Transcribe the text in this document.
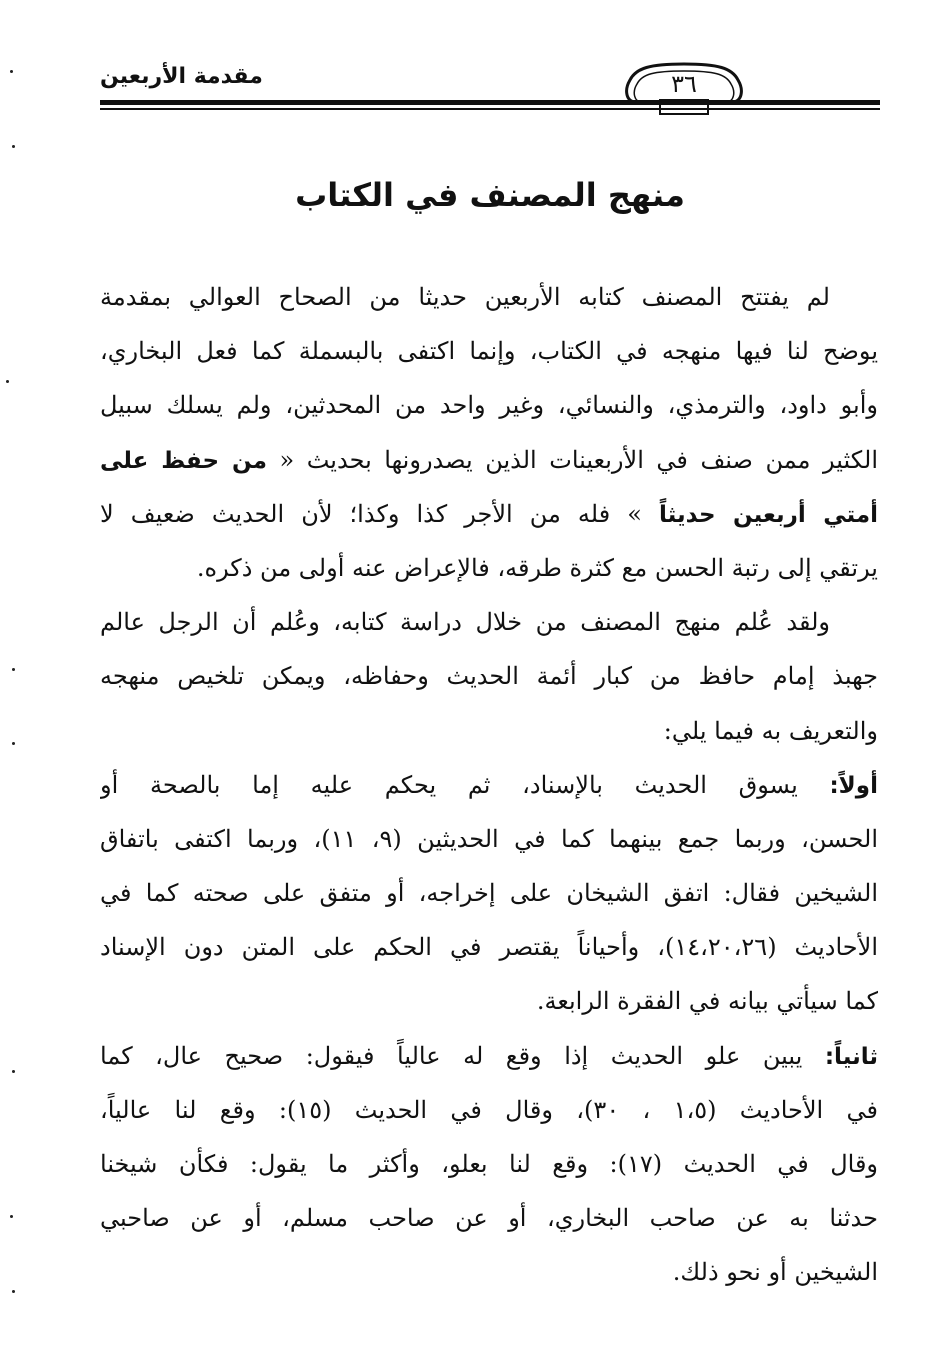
مقدمة الأربعين	٣٦
منهج المصنف في الكتاب
لم يفتتح المصنف كتابه الأربعين حديثا من الصحاح العوالي بمقدمة
يوضح لنا فيها منهجه في الكتاب، وإنما اكتفى بالبسملة كما فعل البخاري،
وأبو داود، والترمذي، والنسائي، وغير واحد من المحدثين، ولم يسلك سبيل
الكثير ممن صنف في الأربعينات الذين يصدرونها بحديث « من حفظ على
أمتي أربعين حديثاً » فله من الأجر كذا وكذا؛ لأن الحديث ضعيف لا
يرتقي إلى رتبة الحسن مع كثرة طرقه، فالإعراض عنه أولى من ذكره.
ولقد عُلم منهج المصنف من خلال دراسة كتابه، وعُلم أن الرجل عالم
جهبذ إمام حافظ من كبار أئمة الحديث وحفاظه، ويمكن تلخيص منهجه
والتعريف به فيما يلي:
أولاً: يسوق الحديث بالإسناد، ثم يحكم عليه إما بالصحة أو
الحسن، وربما جمع بينهما كما في الحديثين (٩، ١١)، وربما اكتفى باتفاق
الشيخين فقال: اتفق الشيخان على إخراجه، أو متفق على صحته كما في
الأحاديث (١٤،٢٠،٢٦)، وأحياناً يقتصر في الحكم على المتن دون الإسناد
كما سيأتي بيانه في الفقرة الرابعة.
ثانياً: يبين علو الحديث إذا وقع له عالياً فيقول: صحيح عال، كما
في الأحاديث (١،٥ ، ٣٠)، وقال في الحديث (١٥): وقع لنا عالياً،
وقال في الحديث (١٧): وقع لنا بعلو، وأكثر ما يقول: فكأن شيخنا
حدثنا به عن صاحب البخاري، أو عن صاحب مسلم، أو عن صاحبي
الشيخين أو نحو ذلك.
